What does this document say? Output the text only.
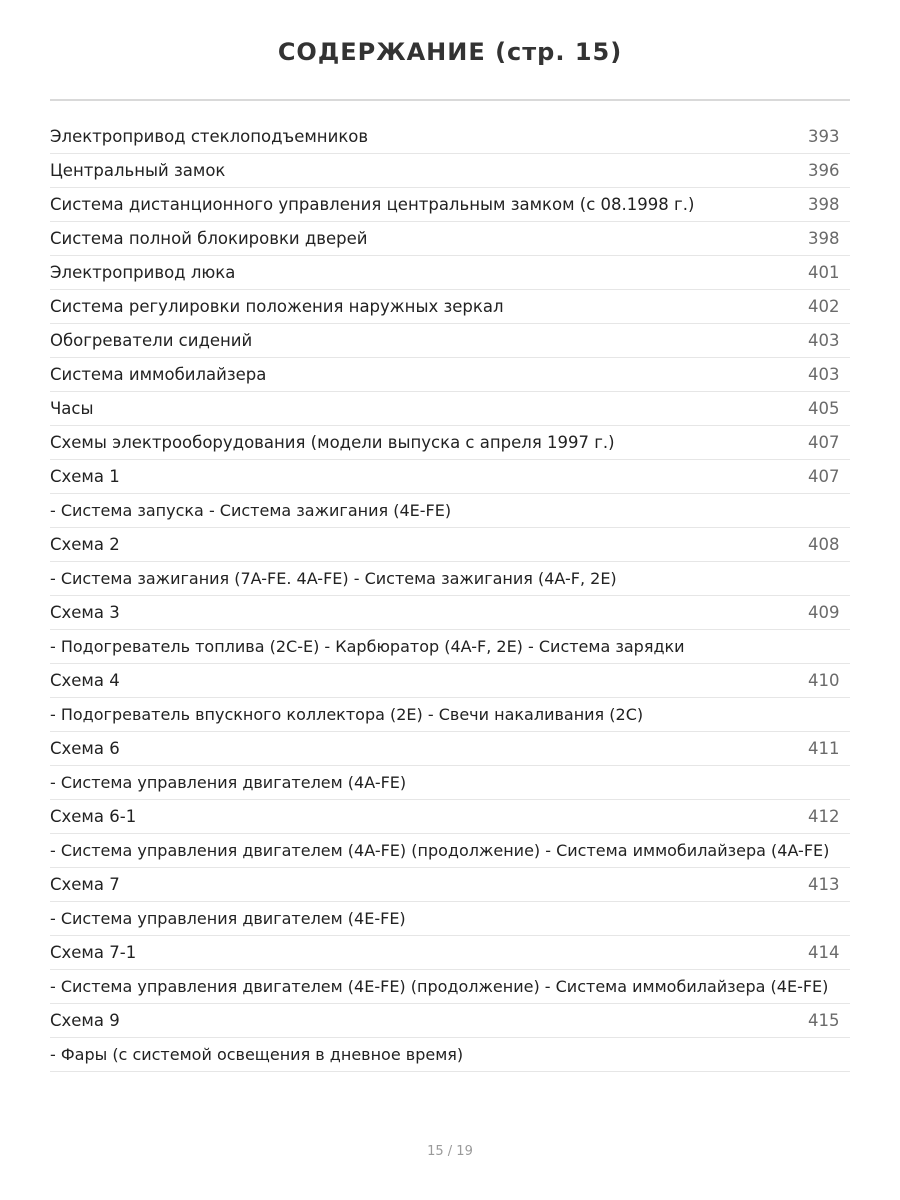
СОДЕРЖАНИЕ (стр. 15)
Электропривод стеклоподъемников	393
Центральный замок	396
Система дистанционного управления центральным замком (с 08.1998 г.)	398
Система полной блокировки дверей	398
Электропривод люка	401
Система регулировки положения наружных зеркал	402
Обогреватели сидений	403
Система иммобилайзера	403
Часы	405
Схемы электрооборудования (модели выпуска с апреля 1997 г.)	407
Схема 1	407
- Система запуска - Система зажигания (4E-FE)
Схема 2	408
- Система зажигания (7A-FE. 4A-FE) - Система зажигания (4A-F, 2E)
Схема 3	409
- Подогреватель топлива (2C-E) - Карбюратор (4A-F, 2E) - Система зарядки
Схема 4	410
- Подогреватель впускного коллектора (2E) - Свечи накаливания (2C)
Схема 6	411
- Система управления двигателем (4A-FE)
Схема 6-1	412
- Система управления двигателем (4A-FE) (продолжение) - Система иммобилайзера (4A-FE)
Схема 7	413
- Система управления двигателем (4E-FE)
Схема 7-1	414
- Система управления двигателем (4E-FE) (продолжение) - Система иммобилайзера (4E-FE)
Схема 9	415
- Фары (с системой освещения в дневное время)
15 / 19
